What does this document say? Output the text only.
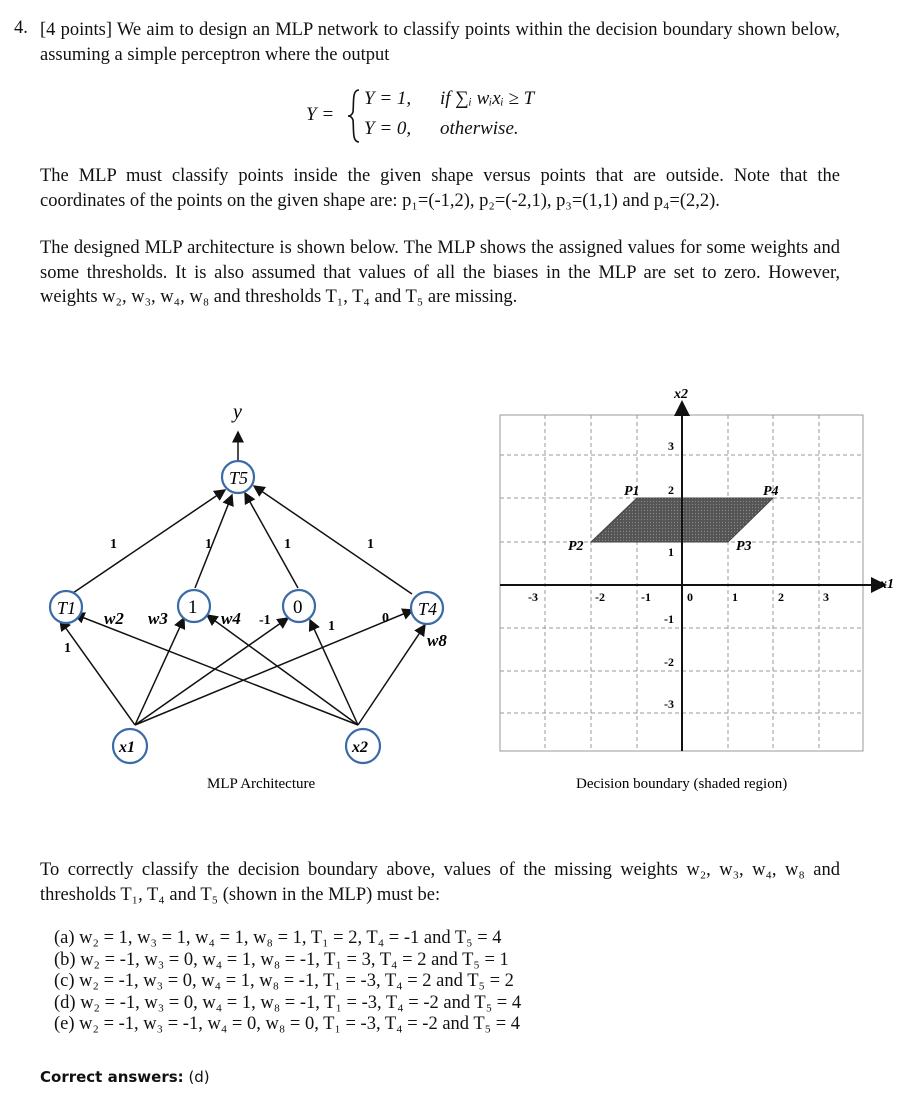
4. [4 points] We aim to design an MLP network to classify points within the decision boundary shown below, assuming a simple perceptron where the output
Y =
Y = 1, if ∑ᵢ wᵢxᵢ ≥ T
Y = 0, otherwise.
The MLP must classify points inside the given shape versus points that are outside. Note that the coordinates of the points on the given shape are: p₁=(-1,2), p₂=(-2,1), p₃=(1,1) and p₄=(2,2).
The designed MLP architecture is shown below. The MLP shows the assigned values for some weights and some thresholds. It is also assumed that values of all the biases in the MLP are set to zero. However, weights w₂, w₃, w₄, w₈ and thresholds T₁, T₄ and T₅ are missing.
y
T5
T1	1	0	T4
x1	x2
1	1	1	1
w2 w3	w4 -1	1
0
w8
1
MLP Architecture
x2
x1
-3	-2	-1	0	1	2	3
3
2
1
-1
-2
-3
P1
P2	P3
P4
Decision boundary (shaded region)
To correctly classify the decision boundary above, values of the missing weights w₂, w₃, w₄, w₈ and thresholds T₁, T₄ and T₅ (shown in the MLP) must be:
(a) w₂ = 1, w₃ = 1, w₄ = 1, w₈ = 1, T₁ = 2, T₄ = -1 and T₅ = 4
(b) w₂ = -1, w₃ = 0, w₄ = 1, w₈ = -1, T₁ = 3, T₄ = 2 and T₅ = 1
(c) w₂ = -1, w₃ = 0, w₄ = 1, w₈ = -1, T₁ = -3, T₄ = 2 and T₅ = 2
(d) w₂ = -1, w₃ = 0, w₄ = 1, w₈ = -1, T₁ = -3, T₄ = -2 and T₅ = 4
(e) w₂ = -1, w₃ = -1, w₄ = 0, w₈ = 0, T₁ = -3, T₄ = -2 and T₅ = 4
Correct answers: (d)
